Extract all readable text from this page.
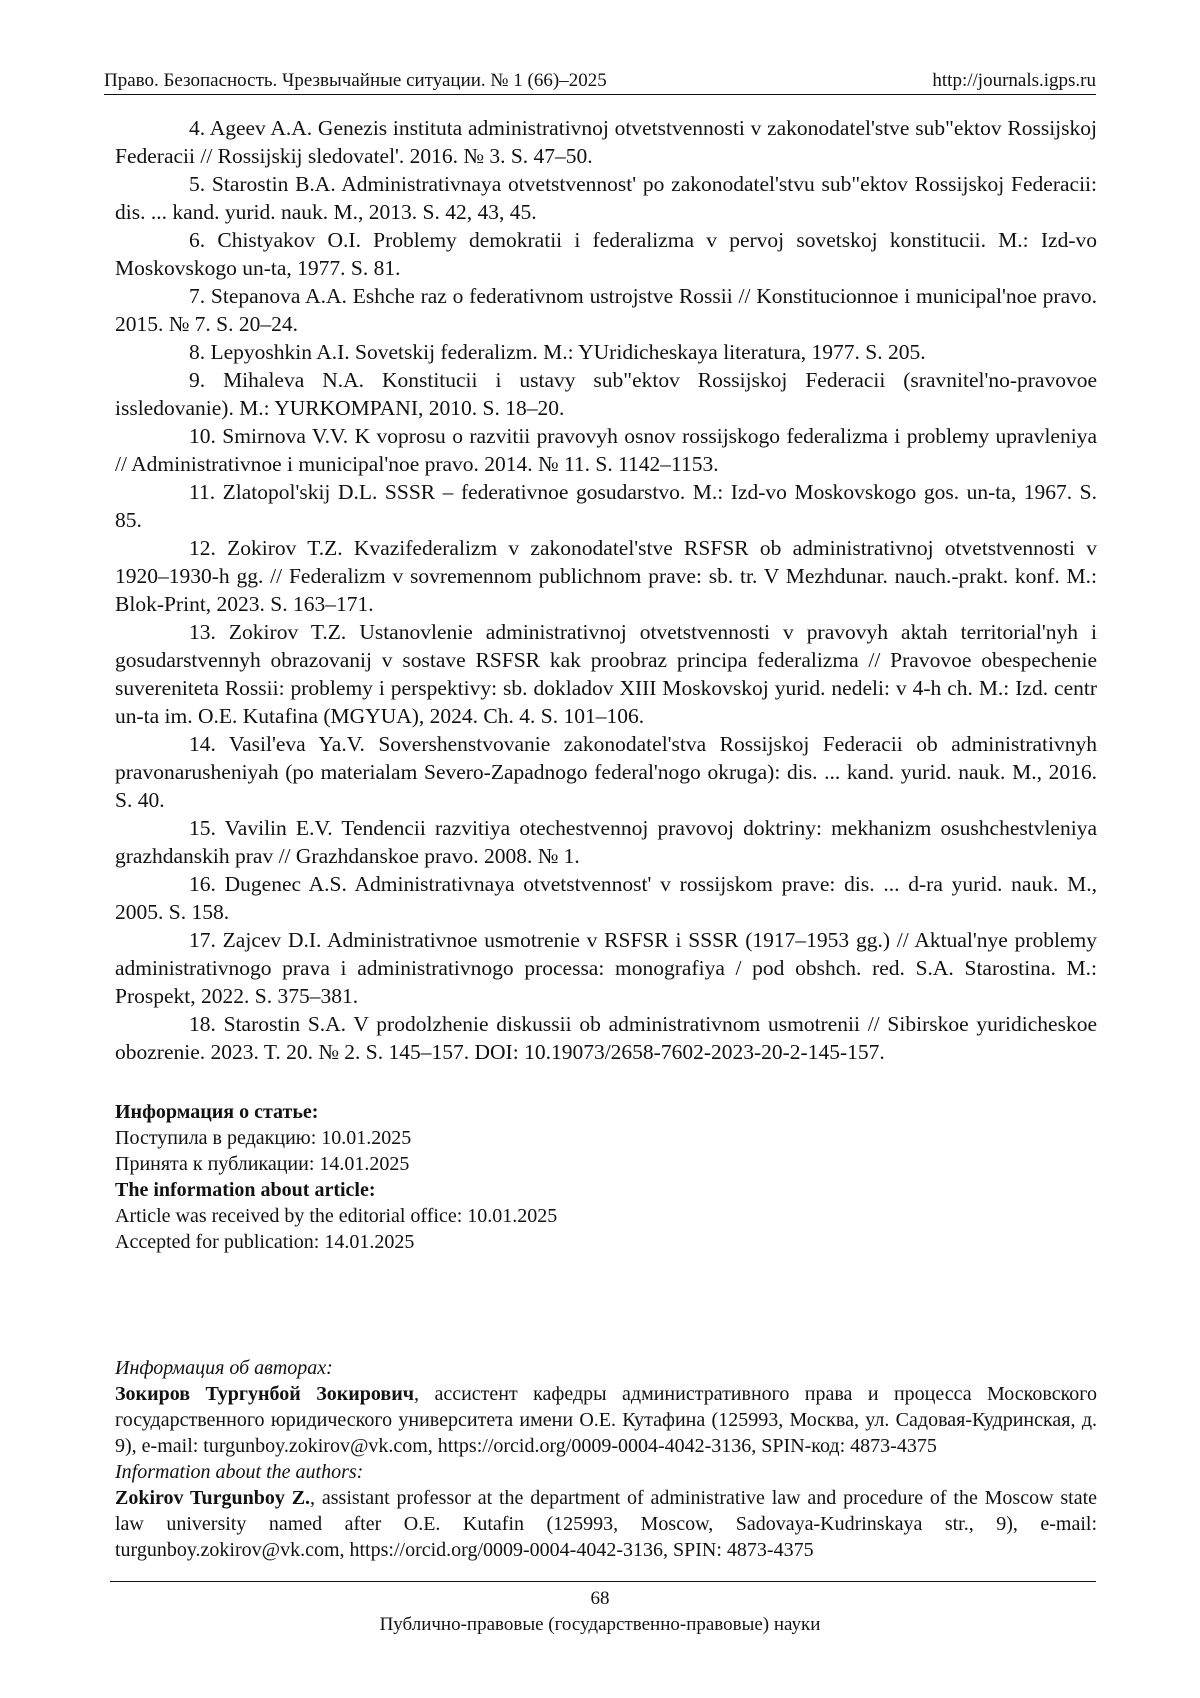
Право. Безопасность. Чрезвычайные ситуации. № 1 (66)–2025	http://journals.igps.ru

4. Ageev A.A. Genezis instituta administrativnoj otvetstvennosti v zakonodatel'stve sub"ektov Rossijskoj Federacii // Rossijskij sledovatel'. 2016. № 3. S. 47–50.

5. Starostin B.A. Administrativnaya otvetstvennost' po zakonodatel'stvu sub"ektov Rossijskoj Federacii: dis. ... kand. yurid. nauk. M., 2013. S. 42, 43, 45.

6. Chistyakov O.I. Problemy demokratii i federalizma v pervoj sovetskoj konstitucii. M.: Izd-vo Moskovskogo un-ta, 1977. S. 81.

7. Stepanova A.A. Eshche raz o federativnom ustrojstve Rossii // Konstitucionnoe i municipal'noe pravo. 2015. № 7. S. 20–24.

8. Lepyoshkin A.I. Sovetskij federalizm. M.: YUridicheskaya literatura, 1977. S. 205.

9. Mihaleva N.A. Konstitucii i ustavy sub"ektov Rossijskoj Federacii (sravnitel'no-pravovoe issledovanie). M.: YURKOMPANI, 2010. S. 18–20.

10. Smirnova V.V. K voprosu o razvitii pravovyh osnov rossijskogo federalizma i problemy upravleniya // Administrativnoe i municipal'noe pravo. 2014. № 11. S. 1142–1153.

11. Zlatopol'skij D.L. SSSR – federativnoe gosudarstvo. M.: Izd-vo Moskovskogo gos. un-ta, 1967. S. 85.

12. Zokirov T.Z. Kvazifederalizm v zakonodatel'stve RSFSR ob administrativnoj otvetstvennosti v 1920–1930-h gg. // Federalizm v sovremennom publichnom prave: sb. tr. V Mezhdunar. nauch.-prakt. konf. M.: Blok-Print, 2023. S. 163–171.

13. Zokirov T.Z. Ustanovlenie administrativnoj otvetstvennosti v pravovyh aktah territorial'nyh i gosudarstvennyh obrazovanij v sostave RSFSR kak proobraz principa federalizma // Pravovoe obespechenie suvereniteta Rossii: problemy i perspektivy: sb. dokladov XIII Moskovskoj yurid. nedeli: v 4-h ch. M.: Izd. centr un-ta im. O.E. Kutafina (MGYUA), 2024. Ch. 4. S. 101–106.

14. Vasil'eva Ya.V. Sovershenstvovanie zakonodatel'stva Rossijskoj Federacii ob administrativnyh pravonarusheniyah (po materialam Severo-Zapadnogo federal'nogo okruga): dis. ... kand. yurid. nauk. M., 2016. S. 40.

15. Vavilin E.V. Tendencii razvitiya otechestvennoj pravovoj doktriny: mekhanizm osushchestvleniya grazhdanskih prav // Grazhdanskoe pravo. 2008. № 1.

16. Dugenec A.S. Administrativnaya otvetstvennost' v rossijskom prave: dis. ... d-ra yurid. nauk. M., 2005. S. 158.

17. Zajcev D.I. Administrativnoe usmotrenie v RSFSR i SSSR (1917–1953 gg.) // Aktual'nye problemy administrativnogo prava i administrativnogo processa: monografiya / pod obshch. red. S.A. Starostina. M.: Prospekt, 2022. S. 375–381.

18. Starostin S.A. V prodolzhenie diskussii ob administrativnom usmotrenii // Sibirskoe yuridicheskoe obozrenie. 2023. T. 20. № 2. S. 145–157. DOI: 10.19073/2658-7602-2023-20-2-145-157.

Информация о статье:
Поступила в редакцию: 10.01.2025
Принята к публикации: 14.01.2025
The information about article:
Article was received by the editorial office: 10.01.2025
Accepted for publication: 14.01.2025

Информация об авторах:

Зокиров Тургунбой Зокирович, ассистент кафедры административного права и процесса Московского государственного юридического университета имени О.Е. Кутафина (125993, Москва, ул. Садовая-Кудринская, д. 9), e-mail: turgunboy.zokirov@vk.com, https://orcid.org/0009-0004-4042-3136, SPIN-код: 4873-4375

Information about the authors:

Zokirov Turgunboy Z., assistant professor at the department of administrative law and procedure of the Moscow state law university named after O.E. Kutafin (125993, Moscow, Sadovaya-Kudrinskaya str., 9), e-mail: turgunboy.zokirov@vk.com, https://orcid.org/0009-0004-4042-3136, SPIN: 4873-4375

68
Публично-правовые (государственно-правовые) науки
